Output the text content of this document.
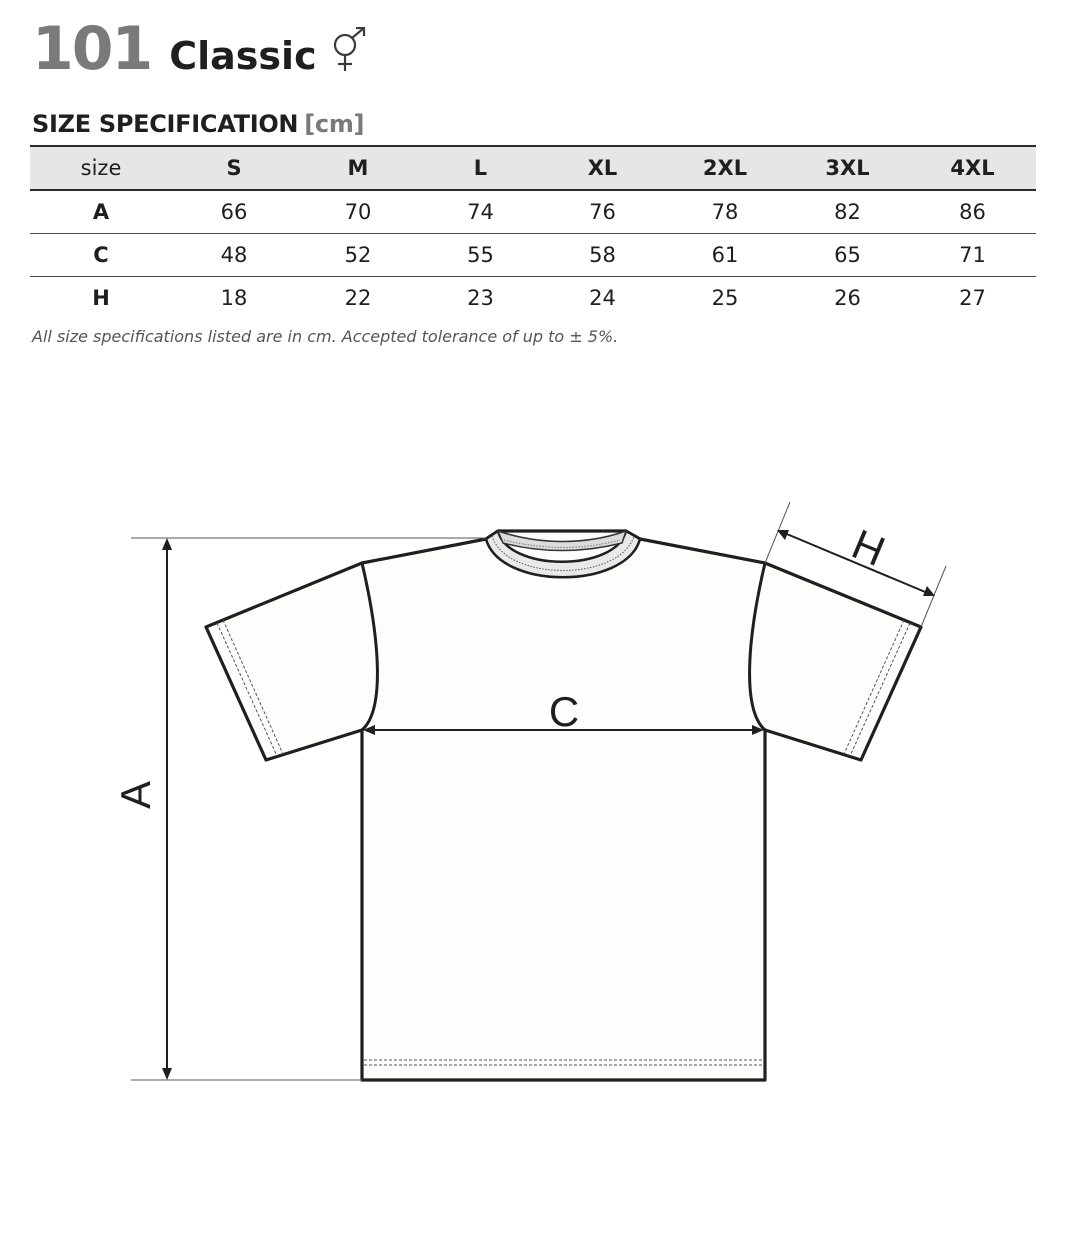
101 Classic
SIZE SPECIFICATION [cm]
size	S	M	L	XL	2XL	3XL	4XL
A	66	70	74	76	78	82	86
C	48	52	55	58	61	65	71
H	18	22	23	24	25	26	27
All size specifications listed are in cm. Accepted tolerance of up to ± 5%.
A
C
H
